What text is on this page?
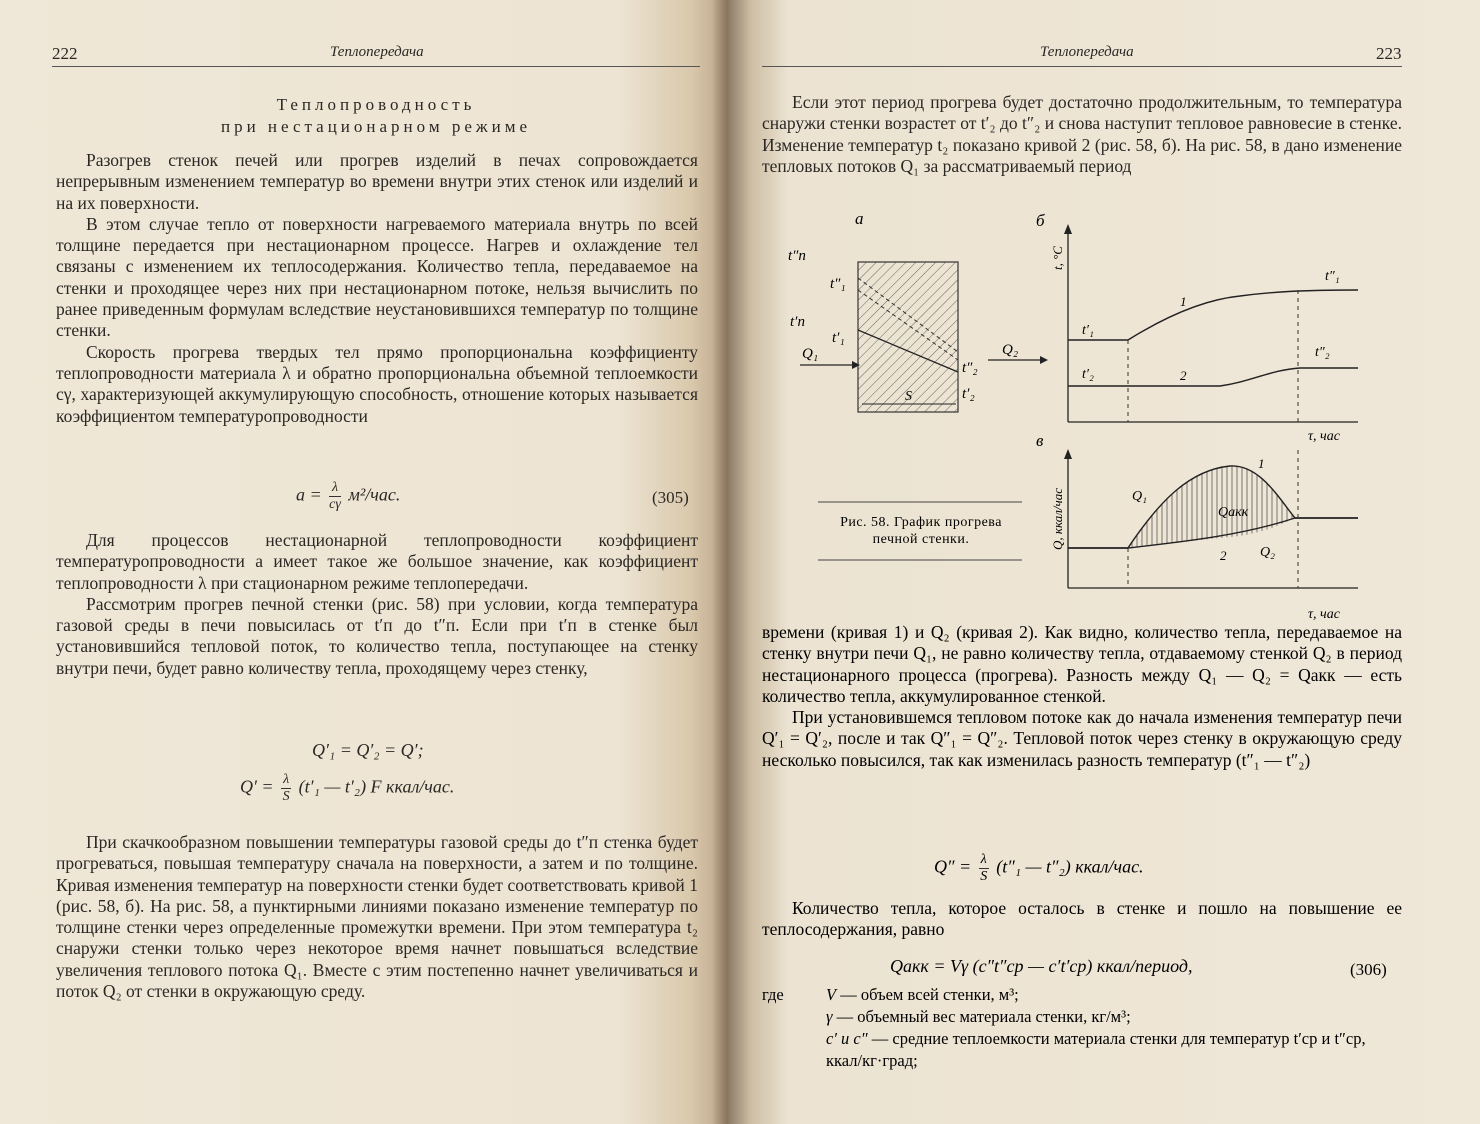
222	Теплопередача
Теплопроводность
при нестационарном режиме

Разогрев стенок печей или прогрев изделий в печах сопровождается непрерывным изменением температур во времени внутри этих стенок или изделий и на их поверхности.

В этом случае тепло от поверхности нагреваемого материала внутрь по всей толщине передается при нестационарном процессе. Нагрев и охлаждение тел связаны с изменением их теплосодержания. Количество тепла, передаваемое на стенки и проходящее через них при нестационарном потоке, нельзя вычислить по ранее приведенным формулам вследствие неустановившихся температур по толщине стенки.

Скорость прогрева твердых тел прямо пропорциональна коэффициенту теплопроводности материала λ и обратно пропорциональна объемной теплоемкости cγ, характеризующей аккумулирующую способность, отношение которых называется коэффициентом температуропроводности

$a = \frac{\lambda}{c\gamma} м^2/час$.	(305)

Для процессов нестационарной теплопроводности коэффициент температуропроводности a имеет такое же большое значение, как коэффициент теплопроводности λ при стационарном режиме теплопередачи.

Рассмотрим прогрев печной стенки (рис. 58) при условии, когда температура газовой среды в печи повысилась от t′п до t″п. Если при t′п в стенке был установившийся тепловой поток, то количество тепла, поступающее на стенку внутри печи, будет равно количеству тепла, проходящему через стенку,

Q′₁ = Q′₂ = Q′;
$Q' = \frac{\lambda}{S} (t'_1$ — t′₂) F ккал/час.

При скачкообразном повышении температуры газовой среды до t″п стенка будет прогреваться, повышая температуру сначала на поверхности, а затем и по толщине. Кривая изменения температур на поверхности стенки будет соответствовать кривой 1 (рис. 58, б). На рис. 58, а пунктирными линиями показано изменение температур по толщине стенки через определенные промежутки времени. При этом температура t₂ снаружи стенки только через некоторое время начнет повышаться вследствие увеличения теплового потока Q₁. Вместе с этим постепенно начнет увеличиваться и поток Q₂ от стенки в окружающую среду.

Теплопередача	223

Если этот период прогрева будет достаточно продолжительным, то температура снаружи стенки возрастет от t′₂ до t″₂ и снова наступит тепловое равновесие в стенке. Изменение температур t₂ показано кривой 2 (рис. 58, б). На рис. 58, в дано изменение тепловых потоков Q₁ за рассматриваемый период

а
t″п
t″₁
t′п
t′₁
Q₁	Q₂
t″₂
t′₂
S
б
t, °C
t′₁
t′₂
t″₁
t″₂
1
2
τ, час
в
Q, ккал/час	Q₁
Qакк
Q₂
1
2
τ, час
Рис. 58. График прогрева печной стенки.

времени (кривая 1) и Q₂ (кривая 2). Как видно, количество тепла, передаваемое на стенку внутри печи Q₁, не равно количеству тепла, отдаваемому стенкой Q₂ в период нестационарного процесса (прогрева). Разность между Q₁ — Q₂ = Qакк — есть количество тепла, аккумулированное стенкой.

При установившемся тепловом потоке как до начала изменения температур печи Q′₁ = Q′₂, после и так Q″₁ = Q″₂. Тепловой поток через стенку в окружающую среду несколько повысился, так как изменилась разность температур (t″₁ — t″₂)

$Q'' = \frac{\lambda}{S} (t''_1$ — t″₂) ккал/час.

Количество тепла, которое осталось в стенке и пошло на повышение ее теплосодержания, равно

Qакк = Vγ (c″t″ср — c′t′ср) ккал/период,	(306)
где	V — объем всей стенки, м³;
γ — объемный вес материала стенки, кг/м³;
c′ и c″ — средние теплоемкости материала стенки для температур t′ср и t″ср, ккал/кг·град;
